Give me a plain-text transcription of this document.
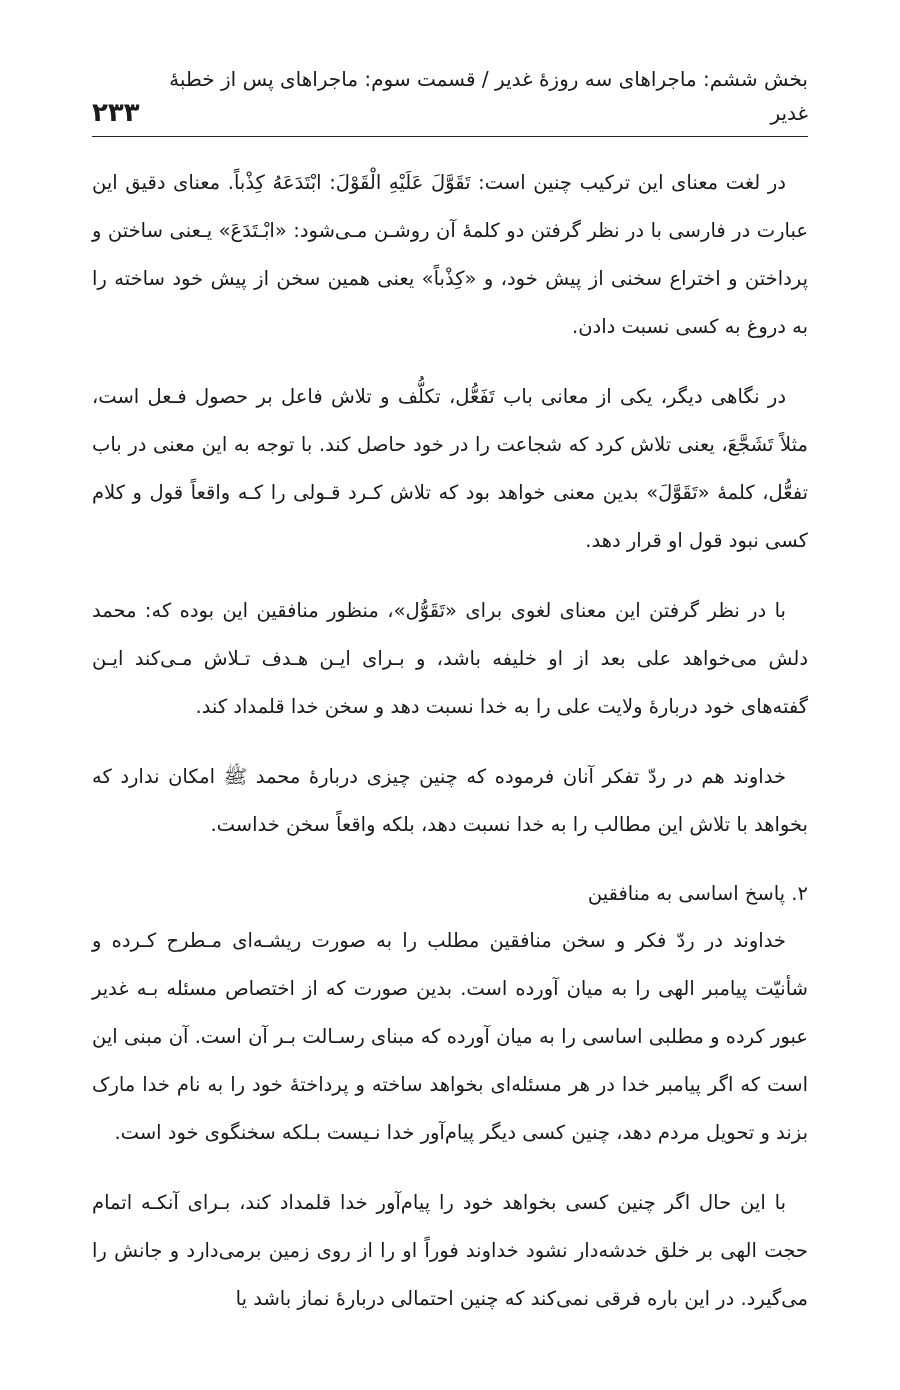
بخش ششم: ماجراهای سه روزهٔ غدیر / قسمت سوم: ماجراهای پس از خطبهٔ غدیر
۲۳۳

در لغت معنای این ترکیب چنین است: تَقَوَّلَ عَلَیْهِ الْقَوْلَ: ابْتَدَعَهُ کِذْباً. معنای دقیق این عبارت در فارسی با در نظر گرفتن دو کلمهٔ آن روشـن مـی‌شود: «ابْـتَدَعَ» یـعنی ساختن و پرداختن و اختراع سخنی از پیش خود، و «کِذْباً» یعنی همین سخن از پیش خود ساخته را به دروغ به کسی نسبت دادن.

در نگاهی دیگر، یکی از معانی باب تَفَعُّل، تکلُّف و تلاش فاعل بر حصول فـعل است، مثلاً تَشَجَّعَ، یعنی تلاش کرد که شجاعت را در خود حاصل کند. با توجه به این معنی در باب تفعُّل، کلمهٔ «تَقَوَّلَ» بدین معنی خواهد بود که تلاش کـرد قـولی را کـه واقعاً قول و کلام کسی نبود قول او قرار دهد.

با در نظر گرفتن این معنای لغوی برای «تَقَوُّل»، منظور منافقین این بوده که: محمد دلش می‌خواهد علی بعد از او خلیفه باشد، و بـرای ایـن هـدف تـلاش مـی‌کند ایـن گفته‌های خود دربارهٔ ولایت علی را به خدا نسبت دهد و سخن خدا قلمداد کند.

خداوند هم در ردّ تفکر آنان فرموده که چنین چیزی دربارهٔ محمد ﷺ امکان ندارد که بخواهد با تلاش این مطالب را به خدا نسبت دهد، بلکه واقعاً سخن خداست.

۲. پاسخ اساسی به منافقین

خداوند در ردّ فکر و سخن منافقین مطلب را به صورت ریشـه‌ای مـطرح کـرده و شأنیّت پیامبر الهی را به میان آورده است. بدین صورت که از اختصاص مسئله بـه غدیر عبور کرده و مطلبی اساسی را به میان آورده که مبنای رسـالت بـر آن است. آن مبنی این است که اگر پیامبر خدا در هر مسئله‌ای بخواهد ساخته و پرداختهٔ خود را به نام خدا مارک بزند و تحویل مردم دهد، چنین کسی دیگر پیام‌آور خدا نـیست بـلکه سخنگوی خود است.

با این حال اگر چنین کسی بخواهد خود را پیام‌آور خدا قلمداد کند، بـرای آنکـه اتمام حجت الهی بر خلق خدشه‌دار نشود خداوند فوراً او را از روی زمین برمی‌دارد و جانش را می‌گیرد. در این باره فرقی نمی‌کند که چنین احتمالی دربارهٔ نماز باشد یا
